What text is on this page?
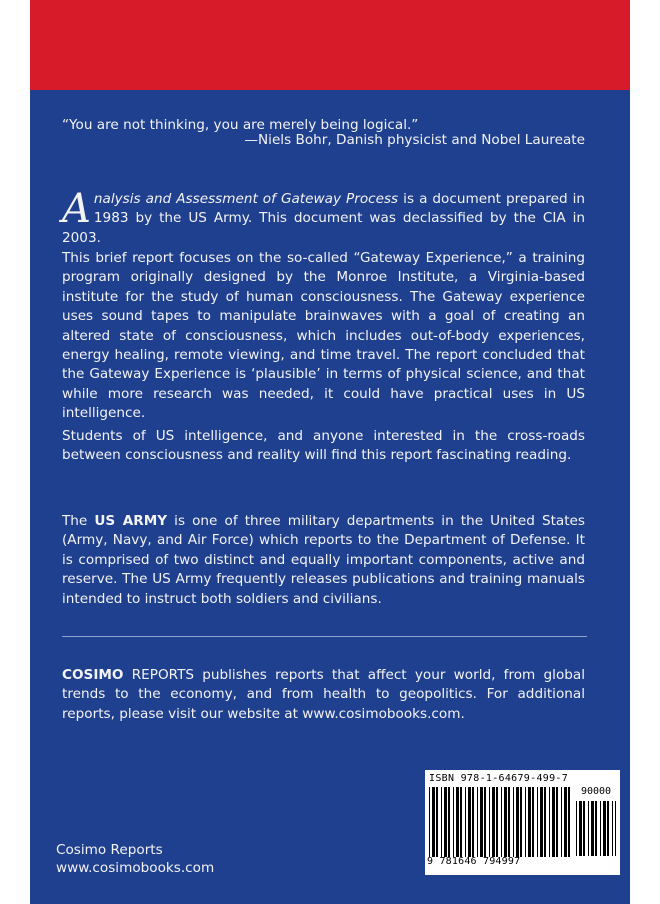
“You are not thinking, you are merely being logical.”
—Niels Bohr, Danish physicist and Nobel Laureate
Analysis and Assessment of Gateway Process is a document prepared in 1983 by the US Army. This document was declassified by the CIA in 2003.
This brief report focuses on the so-called “Gateway Experience,” a training program originally designed by the Monroe Institute, a Virginia-based institute for the study of human consciousness. The Gateway experience uses sound tapes to manipulate brainwaves with a goal of creating an altered state of consciousness, which includes out-of-body experiences, energy healing, remote viewing, and time travel. The report concluded that the Gateway Experience is ‘plausible’ in terms of physical science, and that while more research was needed, it could have practical uses in US intelligence.
Students of US intelligence, and anyone interested in the cross-roads between consciousness and reality will find this report fascinating reading.
The US ARMY is one of three military departments in the United States (Army, Navy, and Air Force) which reports to the Department of Defense. It is comprised of two distinct and equally important components, active and reserve. The US Army frequently releases publications and training manuals intended to instruct both soldiers and civilians.
COSIMO REPORTS publishes reports that affect your world, from global trends to the economy, and from health to geopolitics. For additional reports, please visit our website at www.cosimobooks.com.
Cosimo Reports
www.cosimobooks.com
ISBN 978-1-64679-499-7
90000
9 781646 794997
